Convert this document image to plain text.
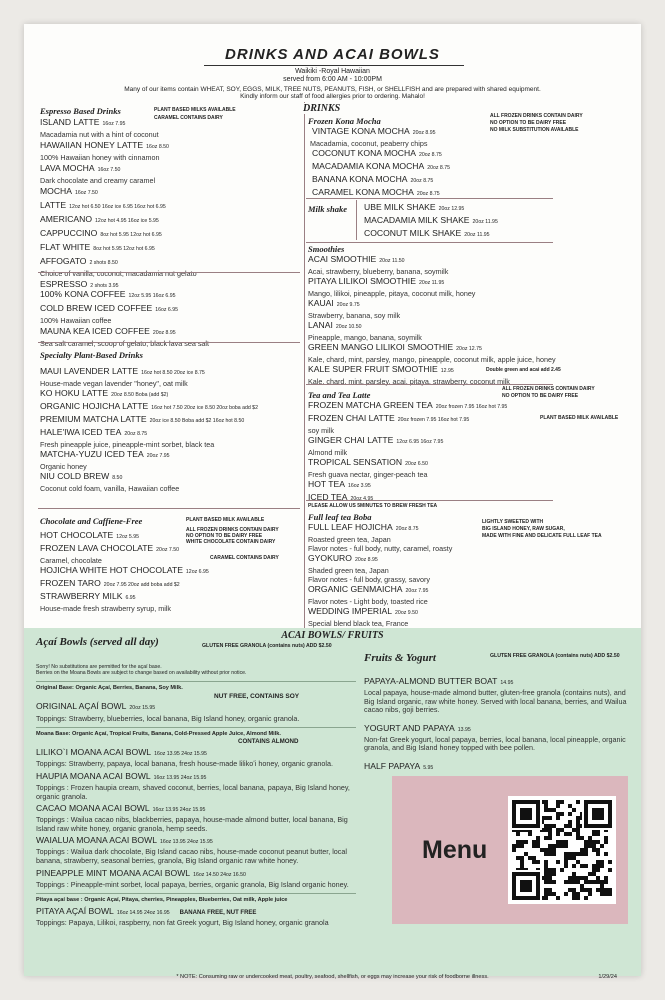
DRINKS AND ACAI BOWLS
Waikiki -Royal Hawaiian
served from 6:00 AM - 10:00PM
Many of our items contain WHEAT, SOY, EGGS, MILK, TREE NUTS, PEANUTS, FISH, or SHELLFISH and are prepared with shared equipment.
Kindly inform our staff of food allergies prior to ordering. Mahalo!
Espresso Based Drinks
ISLAND LATTE 16oz 7.95
Macadamia nut with a hint of coconut
HAWAIIAN HONEY LATTE 16oz 8.50
100% Hawaiian honey with cinnamon
LAVA MOCHA 16oz 7.50
Dark chocolate and creamy caramel
MOCHA 16oz 7.50
LATTE 12oz hot 6.50 16oz ice 6.95 16oz hot 6.95
AMERICANO 12oz hot 4.95 16oz ice 5.95
CAPPUCCINO 8oz hot 5.95 12oz hot 6.95
FLAT WHITE 8oz hot 5.95 12oz hot 6.95
AFFOGATO 2 shots 8.50
Choice of vanilla, coconut, macadamia nut gelato
ESPRESSO 2 shots 3.95
PLANT BASED MILKS AVAILABLE
CARAMEL CONTAINS DAIRY
100% KONA COFFEE 12oz 5.95 16oz 6.95
COLD BREW ICED COFFEE 16oz 6.95
100% Hawaiian coffee
MAUNA KEA ICED COFFEE 20oz 8.95
Sea salt caramel, scoop of gelato, black lava sea salt
Specialty Plant-Based Drinks
MAUI LAVENDER LATTE 16oz hot 8.50 20oz ice 8.75
House-made vegan lavender "honey", oat milk
KO HOKU LATTE 20oz 8.50 Boba (add $2)
ORGANIC HOJICHA LATTE 16oz hot 7.50 20oz ice 8.50 20oz boba add $2
PREMIUM MATCHA LATTE 20oz ice 8.50 Boba add $2 16oz hot 8.50
HALE'IWA ICED TEA 20oz 8.75
Fresh pineapple juice, pineapple-mint sorbet, black tea
MATCHA-YUZU ICED TEA 20oz 7.95
Organic honey
NIU COLD BREW 8.50
Coconut cold foam, vanilla, Hawaiian coffee
Chocolate and Caffiene-Free
HOT CHOCOLATE 12oz 5.95
FROZEN LAVA CHOCOLATE 20oz 7.50
Caramel, chocolate
HOJICHA WHITE HOT CHOCOLATE 12oz 6.95
FROZEN TARO 20oz 7.95 20oz add boba add $2
STRAWBERRY MILK 6.95
House-made fresh strawberry syrup, milk
PLANT BASED MILK AVAILABLE
ALL FROZEN DRINKS CONTAIN DAIRY
NO OPTION TO BE DAIRY FREE
WHITE CHOCOLATE CONTAIN DAIRY
CARAMEL CONTAINS DAIRY
DRINKS
Frozen Kona Mocha
VINTAGE KONA MOCHA 20oz 8.95
Macadamia, coconut, peaberry chips
COCONUT KONA MOCHA 20oz 8.75
MACADAMIA KONA MOCHA 20oz 8.75
BANANA KONA MOCHA 20oz 8.75
CARAMEL KONA MOCHA 20oz 8.75
ALL FROZEN DRINKS CONTAIN DAIRY
NO OPTION TO BE DAIRY FREE
NO MILK SUBSTITUTION AVAILABLE
Milk shake UBE MILK SHAKE 20oz 12.95
MACADAMIA MILK SHAKE 20oz 11.95
COCONUT MILK SHAKE 20oz 11.95
Smoothies
ACAI SMOOTHIE 20oz 11.50
Acai, strawberry, blueberry, banana, soymilk
PITAYA LILIKOI SMOOTHIE 20oz 11.95
Mango, lilikoi, pineapple, pitaya, coconut milk, honey
KAUAI 20oz 9.75
Strawberry, banana, soy milk
LANAI 20oz 10.50
Pineapple, mango, banana, soymilk
GREEN MANGO LILIKOI SMOOTHIE 20oz 12.75
Kale, chard, mint, parsley, mango, pineapple, coconut milk, apple juice, honey
KALE SUPER FRUIT SMOOTHIE 12.95
Kale, chard, mint, parsley, acai, pitaya, strawberry, coconut milk
Double green and acai add 2.45
Tea and Tea Latte
FROZEN MATCHA GREEN TEA 20oz frozen 7.95 16oz hot 7.95
FROZEN CHAI LATTE 20oz frozen 7.95 16oz hot 7.95
soy milk
GINGER CHAI LATTE 12oz 6.95 16oz 7.95
Almond milk
TROPICAL SENSATION 20oz 6.50
Fresh guava nectar, ginger-peach tea
HOT TEA 16oz 3.95
ICED TEA 20oz 4.95
ALL FROZEN DRINKS CONTAIN DAIRY
NO OPTION TO BE DAIRY FREE
PLANT BASED MILK AVAILABLE
PLEASE ALLOW US 5MINUTES TO BREW FRESH TEA
Full leaf tea Boba
FULL LEAF HOJICHA 20oz 8.75
Roasted green tea, Japan
Flavor notes - full body, nutty, caramel, roasty
GYOKURO 20oz 8.95
Shaded green tea, Japan
Flavor notes - full body, grassy, savory
ORGANIC GENMAICHA 20oz 7.95
Flavor notes - Light body, toasted rice
WEDDING IMPERIAL 20oz 9.50
Special blend black tea, France
LIGHTLY SWEETED WITH
BIG ISLAND HONEY, RAW SUGAR,
MADE WITH FINE AND DELICATE FULL LEAF TEA
ACAI BOWLS/ FRUITS
Açaí Bowls (served all day)	GLUTEN FREE GRANOLA (contains nuts) ADD $2.50
Fruits & Yogurt	GLUTEN FREE GRANOLA (contains nuts) ADD $2.50
Sorry! No substitutions are permitted for the açaí base.
Berries on the Moana Bowls are subject to change based on availability without prior notice.
Original Base: Organic Açaí, Berries, Banana, Soy Milk.
NUT FREE, CONTAINS SOY
ORIGINAL AÇAÍ BOWL 20oz 15.95
Toppings: Strawberry, blueberries, local banana, Big Island honey, organic granola.
Moana Base: Organic Açaí, Tropical Fruits, Banana, Cold-Pressed Apple Juice, Almond Milk.
CONTAINS ALMOND
LILIKO`I MOANA ACAI BOWL 16oz 13.95 24oz 15.95
Toppings: Strawberry, papaya, local banana, fresh house-made lilikoʻi honey, organic granola.
HAUPIA MOANA ACAI BOWL 16oz 13.95 24oz 15.95
Toppings : Frozen haupia cream, shaved coconut, berries, local banana, papaya, Big Island honey, organic granola.
CACAO MOANA ACAI BOWL 16oz 13.95 24oz 15.95
Toppings : Wailua cacao nibs, blackberries, papaya, house-made almond butter, local banana, Big Island raw white honey, organic granola, hemp seeds.
WAIALUA MOANA ACAI BOWL 16oz 13.95 24oz 15.95
Toppings : Wailua dark chocolate, Big Island cacao nibs, house-made coconut peanut butter, local banana, strawberry, seasonal berries, granola, Big Island organic raw white honey.
PINEAPPLE MINT MOANA ACAI BOWL 16oz 14.50 24oz 16.50
Toppings : Pineapple-mint sorbet, local papaya, berries, organic granola, Big Island organic honey.
Pitaya açaí base : Organic Açaí, Pitaya, cherries, Pineapples, Blueberries, Oat milk, Apple juice
PITAYA AÇAÍ BOWL 16oz 14.95 24oz 16.95 BANANA FREE, NUT FREE
Toppings: Papaya, Lilikoi, raspberry, non fat Greek yogurt, Big Island honey, organic granola
PAPAYA-ALMOND BUTTER BOAT 14.95
Local papaya, house-made almond butter, gluten-free granola (contains nuts), and Big Island organic, raw white honey. Served with local banana, berries, and Wailua cacao nibs, goji berries.
YOGURT AND PAPAYA 13.95
Non-fat Greek yogurt, local papaya, berries, local banana, local pineapple, organic granola, and Big Island honey topped with bee pollen.
HALF PAPAYA 5.95
* NOTE: Consuming raw or undercooked meat, poultry, seafood, shellfish, or eggs may increase your risk of foodborne illness.	1/29/24
Menu
